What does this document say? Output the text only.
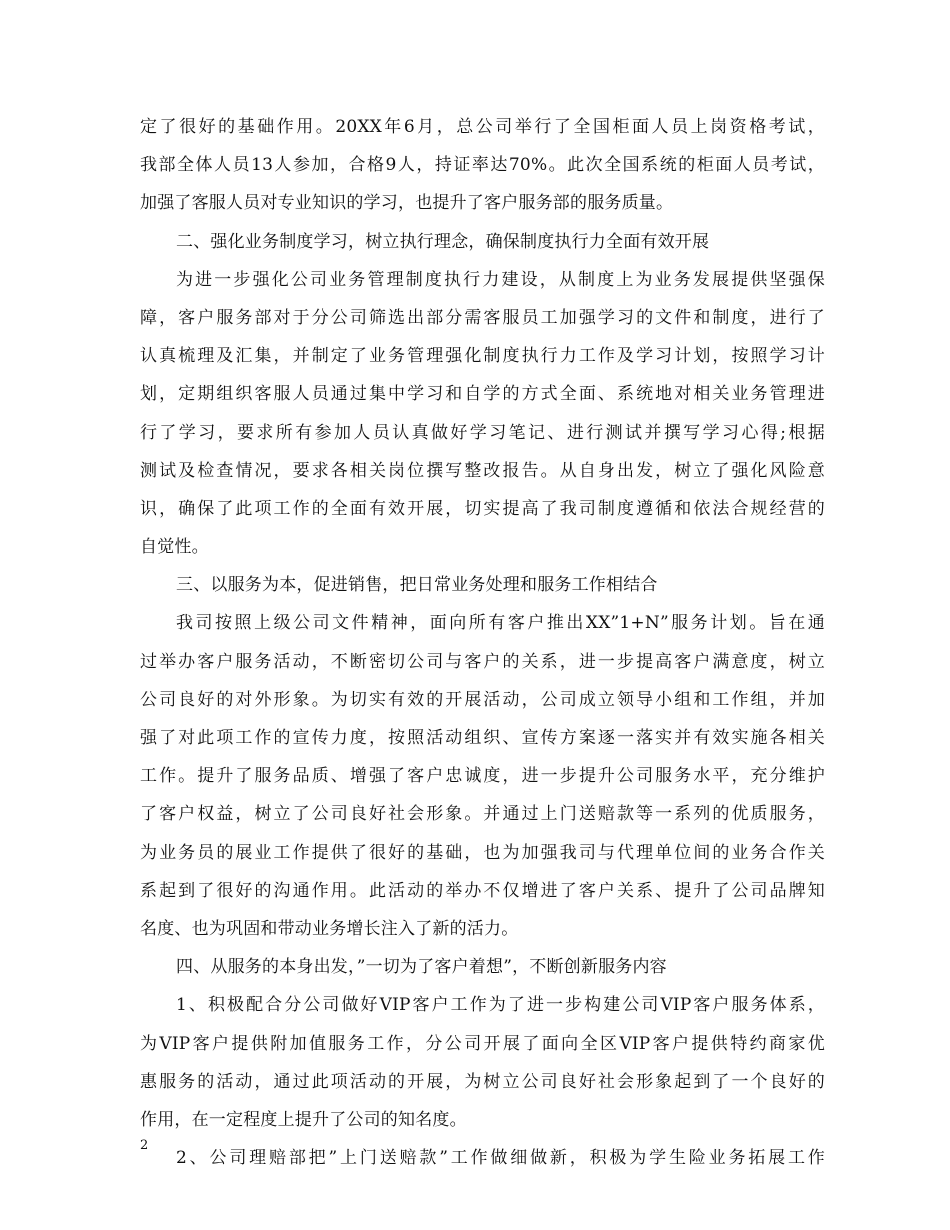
定了很好的基础作用。20XX年6月，总公司举行了全国柜面人员上岗资格考试，
我部全体人员13人参加，合格9人，持证率达70%。此次全国系统的柜面人员考试，
加强了客服人员对专业知识的学习，也提升了客户服务部的服务质量。
二、强化业务制度学习，树立执行理念，确保制度执行力全面有效开展
为进一步强化公司业务管理制度执行力建设，从制度上为业务发展提供坚强保
障，客户服务部对于分公司筛选出部分需客服员工加强学习的文件和制度，进行了
认真梳理及汇集，并制定了业务管理强化制度执行力工作及学习计划，按照学习计
划，定期组织客服人员通过集中学习和自学的方式全面、系统地对相关业务管理进
行了学习，要求所有参加人员认真做好学习笔记、进行测试并撰写学习心得;根据
测试及检查情况，要求各相关岗位撰写整改报告。从自身出发，树立了强化风险意
识，确保了此项工作的全面有效开展，切实提高了我司制度遵循和依法合规经营的
自觉性。
三、以服务为本，促进销售，把日常业务处理和服务工作相结合
我司按照上级公司文件精神，面向所有客户推出XX”1+N”服务计划。旨在通
过举办客户服务活动，不断密切公司与客户的关系，进一步提高客户满意度，树立
公司良好的对外形象。为切实有效的开展活动，公司成立领导小组和工作组，并加
强了对此项工作的宣传力度，按照活动组织、宣传方案逐一落实并有效实施各相关
工作。提升了服务品质、增强了客户忠诚度，进一步提升公司服务水平，充分维护
了客户权益，树立了公司良好社会形象。并通过上门送赔款等一系列的优质服务，
为业务员的展业工作提供了很好的基础，也为加强我司与代理单位间的业务合作关
系起到了很好的沟通作用。此活动的举办不仅增进了客户关系、提升了公司品牌知
名度、也为巩固和带动业务增长注入了新的活力。
四、从服务的本身出发，”一切为了客户着想”，不断创新服务内容
1、积极配合分公司做好VIP客户工作为了进一步构建公司VIP客户服务体系，
为VIP客户提供附加值服务工作，分公司开展了面向全区VIP客户提供特约商家优
惠服务的活动，通过此项活动的开展，为树立公司良好社会形象起到了一个良好的
作用，在一定程度上提升了公司的知名度。
2、公司理赔部把”上门送赔款”工作做细做新，积极为学生险业务拓展工作
2
